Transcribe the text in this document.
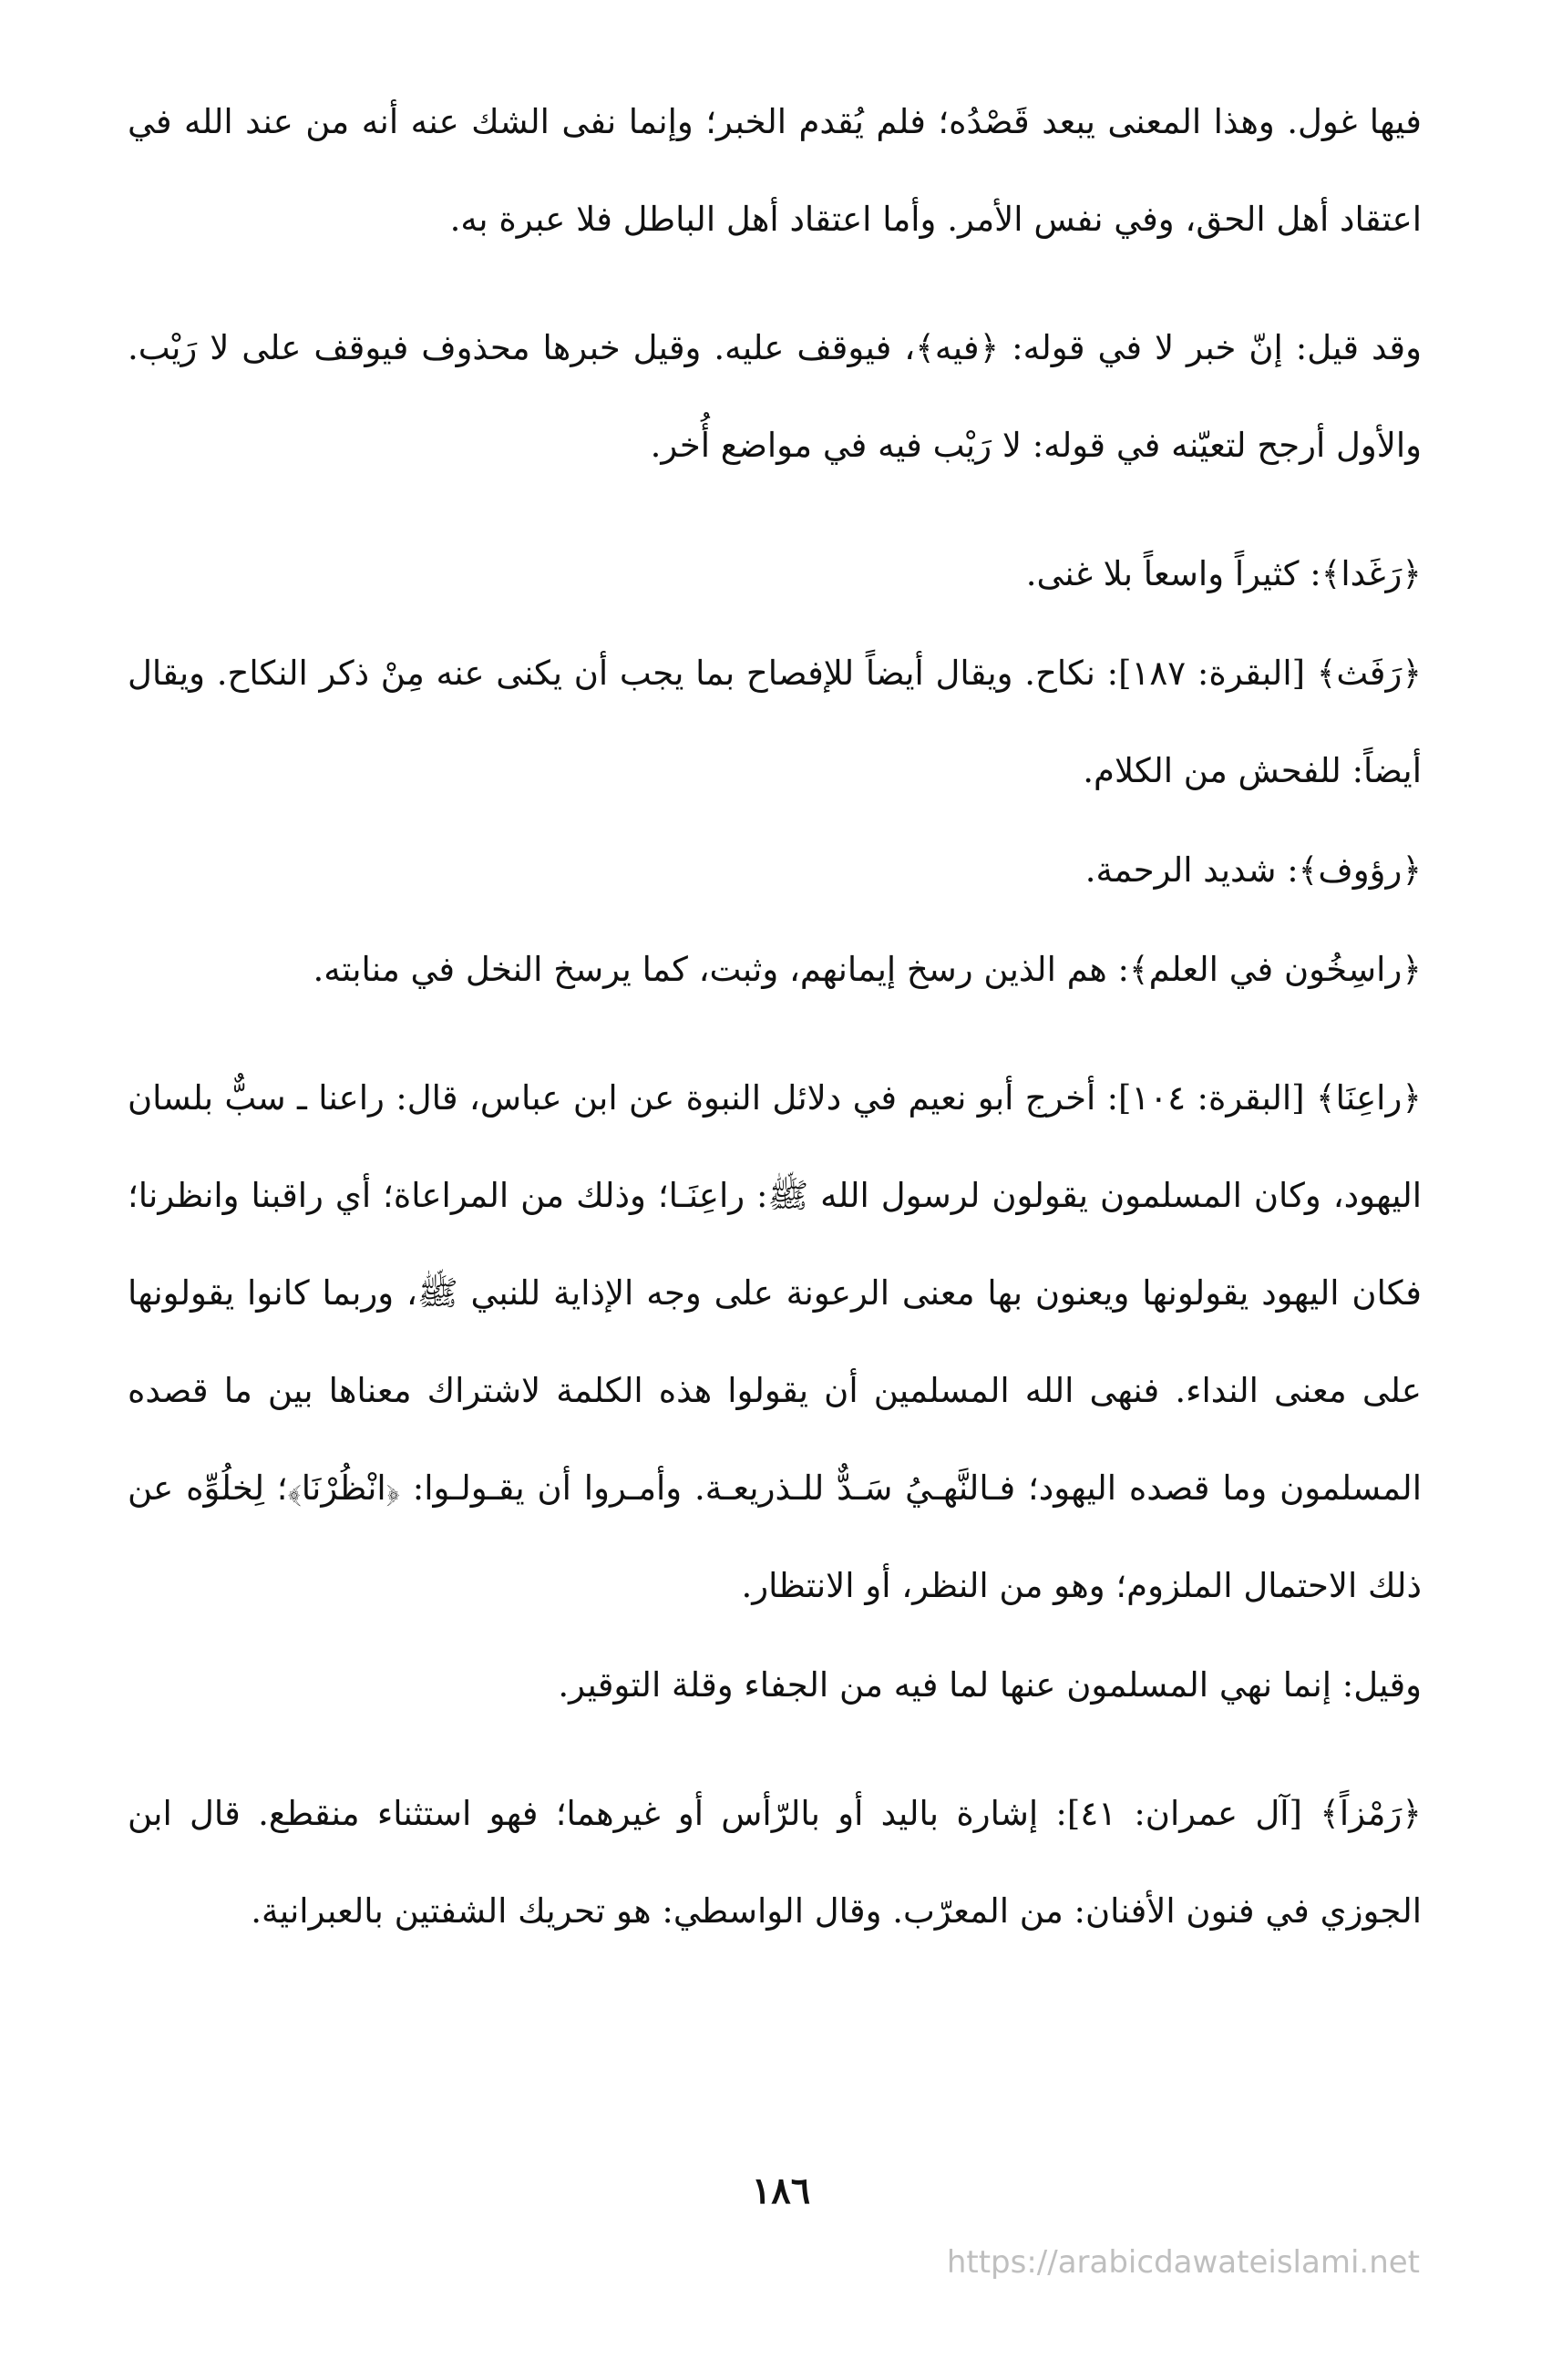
فيها غول. وهذا المعنى يبعد قَصْدُه؛ فلم يُقدم الخبر؛ وإنما نفى الشك عنه أنه من عند الله في اعتقاد أهل الحق، وفي نفس الأمر. وأما اعتقاد أهل الباطل فلا عبرة به.

وقد قيل: إنّ خبر لا في قوله: ﴿فيه﴾، فيوقف عليه. وقيل خبرها محذوف فيوقف على لا رَيْب. والأول أرجح لتعيّنه في قوله: لا رَيْب فيه في مواضع أُخر.

﴿رَغَدا﴾: كثيراً واسعاً بلا غنى.

﴿رَفَث﴾ [البقرة: ١٨٧]: نكاح. ويقال أيضاً للإفصاح بما يجب أن يكنى عنه مِنْ ذكر النكاح. ويقال أيضاً: للفحش من الكلام.

﴿رؤوف﴾: شديد الرحمة.

﴿راسِخُون في العلم﴾: هم الذين رسخ إيمانهم، وثبت، كما يرسخ النخل في منابته.

﴿راعِنَا﴾ [البقرة: ١٠٤]: أخرج أبو نعيم في دلائل النبوة عن ابن عباس، قال: راعنا ـ سبٌّ بلسان اليهود، وكان المسلمون يقولون لرسول الله ﷺ: راعِنَـا؛ وذلك من المراعاة؛ أي راقبنا وانظرنا؛ فكان اليهود يقولونها ويعنون بها معنى الرعونة على وجه الإذاية للنبي ﷺ، وربما كانوا يقولونها على معنى النداء. فنهى الله المسلمين أن يقولوا هذه الكلمة لاشتراك معناها بين ما قصده المسلمون وما قصده اليهود؛ فـالنَّهـيُ سَـدٌّ للـذريعـة. وأمـروا أن يقـولـوا: ﴿انْظُرْنَا﴾؛ لِخلُوِّه عن ذلك الاحتمال الملزوم؛ وهو من النظر، أو الانتظار.

وقيل: إنما نهي المسلمون عنها لما فيه من الجفاء وقلة التوقير.

﴿رَمْزاً﴾ [آل عمران: ٤١]: إشارة باليد أو بالرّأس أو غيرهما؛ فهو استثناء منقطع. قال ابن الجوزي في فنون الأفنان: من المعرّب. وقال الواسطي: هو تحريك الشفتين بالعبرانية.

١٨٦
https://arabicdawateislami.net
